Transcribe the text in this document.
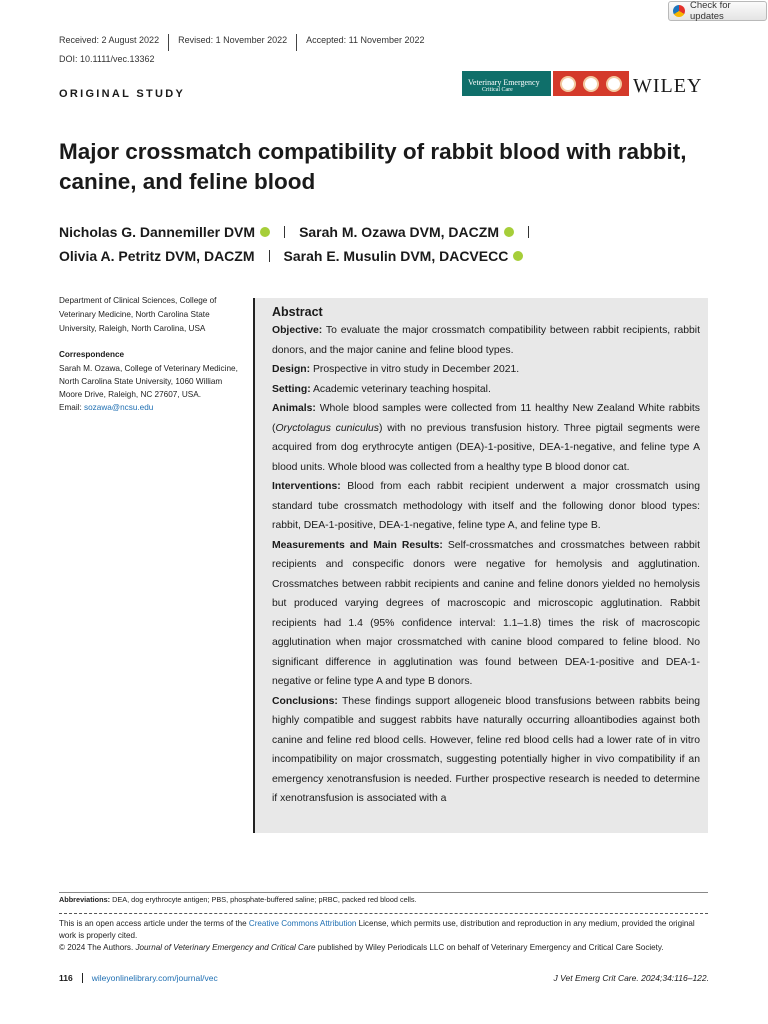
Check for updates
Received: 2 August 2022	Revised: 1 November 2022	Accepted: 11 November 2022
DOI: 10.1111/vec.13362
ORIGINAL STUDY

Veterinary Emergency
Critical Care	WILEY
Major crossmatch compatibility of rabbit blood with rabbit, canine, and feline blood
Nicholas G. Dannemiller DVM	Sarah M. Ozawa DVM, DACZM
Olivia A. Petritz DVM, DACZM Sarah E. Musulin DVM, DACVECC
Department of Clinical Sciences, College of Veterinary Medicine, North Carolina State University, Raleigh, North Carolina, USA
Correspondence
Sarah M. Ozawa, College of Veterinary Medicine, North Carolina State University, 1060 William Moore Drive, Raleigh, NC 27607, USA.
Email: sozawa@ncsu.edu
Abstract

Objective: To evaluate the major crossmatch compatibility between rabbit recipients, rabbit donors, and the major canine and feline blood types.

Design: Prospective in vitro study in December 2021.

Setting: Academic veterinary teaching hospital.

Animals: Whole blood samples were collected from 11 healthy New Zealand White rabbits (Oryctolagus cuniculus) with no previous transfusion history. Three pigtail segments were acquired from dog erythrocyte antigen (DEA)-1-positive, DEA-1-negative, and feline type A blood units. Whole blood was collected from a healthy type B blood donor cat.

Interventions: Blood from each rabbit recipient underwent a major crossmatch using standard tube crossmatch methodology with itself and the following donor blood types: rabbit, DEA-1-positive, DEA-1-negative, feline type A, and feline type B.

Measurements and Main Results: Self-crossmatches and crossmatches between rabbit recipients and conspecific donors were negative for hemolysis and agglutination. Crossmatches between rabbit recipients and canine and feline donors yielded no hemolysis but produced varying degrees of macroscopic and microscopic agglutination. Rabbit recipients had 1.4 (95% confidence interval: 1.1–1.8) times the risk of macroscopic agglutination when major crossmatched with canine blood compared to feline blood. No significant difference in agglutination was found between DEA-1-positive and DEA-1-negative or feline type A and type B donors.

Conclusions: These findings support allogeneic blood transfusions between rabbits being highly compatible and suggest rabbits have naturally occurring alloantibodies against both canine and feline red blood cells. However, feline red blood cells had a lower rate of in vitro incompatibility on major crossmatch, suggesting potentially higher in vivo compatibility if an emergency xenotransfusion is needed. Further prospective research is needed to determine if xenotransfusion is associated with a

Abbreviations: DEA, dog erythrocyte antigen; PBS, phosphate-buffered saline; pRBC, packed red blood cells.
This is an open access article under the terms of the Creative Commons Attribution License, which permits use, distribution and reproduction in any medium, provided the original work is properly cited.
© 2024 The Authors. Journal of Veterinary Emergency and Critical Care published by Wiley Periodicals LLC on behalf of Veterinary Emergency and Critical Care Society.
116	wileyonlinelibrary.com/journal/vec	J Vet Emerg Crit Care. 2024;34:116–122.
